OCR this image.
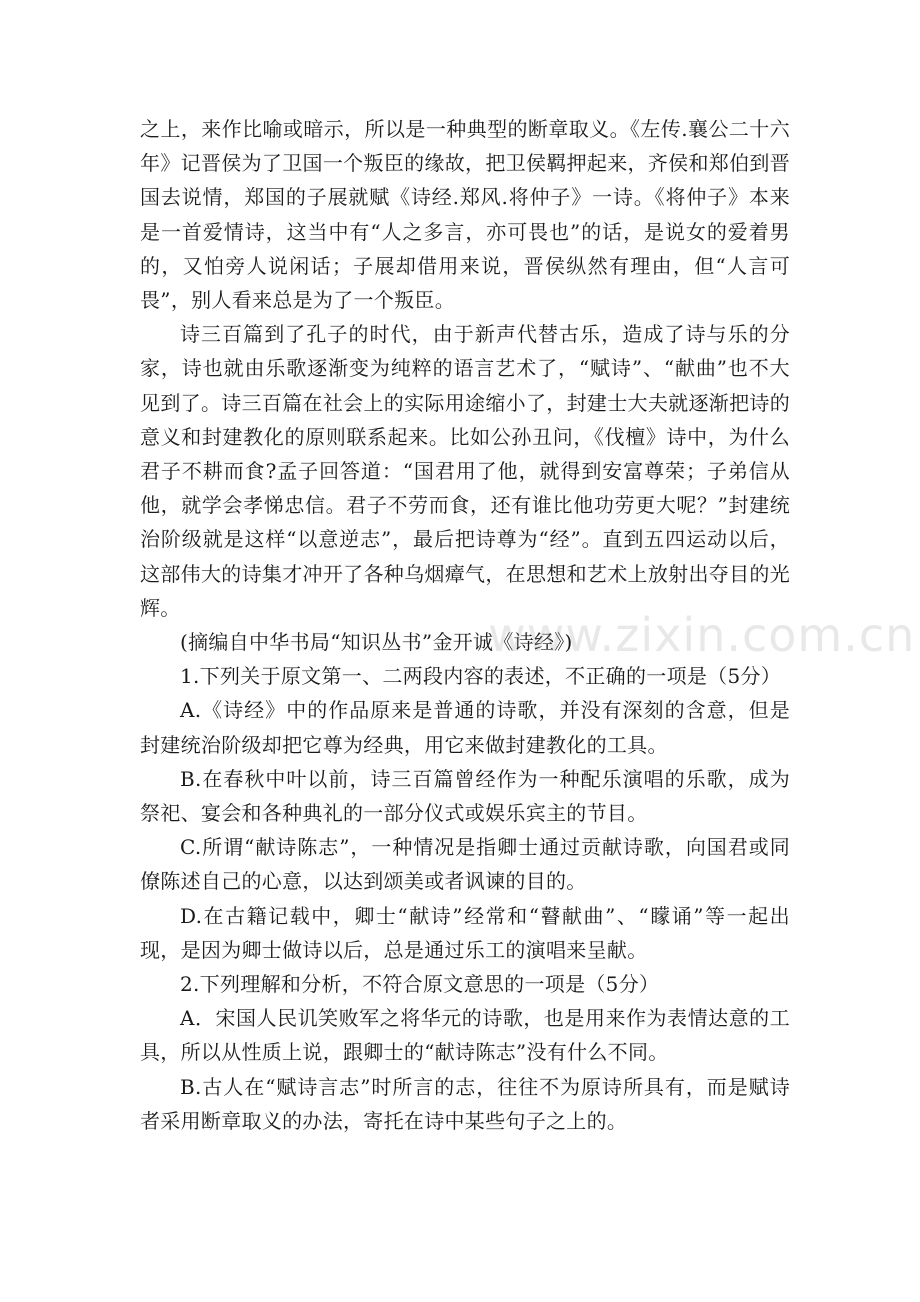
之上，来作比喻或暗示，所以是一种典型的断章取义。《左传.襄公二十六年》记晋侯为了卫国一个叛臣的缘故，把卫侯羁押起来，齐侯和郑伯到晋国去说情，郑国的子展就赋《诗经.郑风.将仲子》一诗。《将仲子》本来是一首爱情诗，这当中有“人之多言，亦可畏也”的话，是说女的爱着男的，又怕旁人说闲话；子展却借用来说，晋侯纵然有理由，但“人言可畏”，别人看来总是为了一个叛臣。

诗三百篇到了孔子的时代，由于新声代替古乐，造成了诗与乐的分家，诗也就由乐歌逐渐变为纯粹的语言艺术了，“赋诗”、“献曲”也不大见到了。诗三百篇在社会上的实际用途缩小了，封建士大夫就逐渐把诗的意义和封建教化的原则联系起来。比如公孙丑问，《伐檀》诗中，为什么君子不耕而食?孟子回答道：“国君用了他，就得到安富尊荣；子弟信从他，就学会孝悌忠信。君子不劳而食，还有谁比他功劳更大呢？”封建统治阶级就是这样“以意逆志”，最后把诗尊为“经”。直到五四运动以后，这部伟大的诗集才冲开了各种乌烟瘴气，在思想和艺术上放射出夺目的光辉。

(摘编自中华书局“知识丛书”金开诚《诗经》)

1.下列关于原文第一、二两段内容的表述，不正确的一项是（5分）

A.《诗经》中的作品原来是普通的诗歌，并没有深刻的含意，但是封建统治阶级却把它尊为经典，用它来做封建教化的工具。

B.在春秋中叶以前，诗三百篇曾经作为一种配乐演唱的乐歌，成为祭祀、宴会和各种典礼的一部分仪式或娱乐宾主的节目。

C.所谓“献诗陈志”，一种情况是指卿士通过贡献诗歌，向国君或同僚陈述自己的心意，以达到颂美或者讽谏的目的。

D.在古籍记载中，卿士“献诗”经常和“瞽献曲”、“矇诵”等一起出现，是因为卿士做诗以后，总是通过乐工的演唱来呈献。

2.下列理解和分析，不符合原文意思的一项是（5分）

A．宋国人民讥笑败军之将华元的诗歌，也是用来作为表情达意的工具，所以从性质上说，跟卿士的“献诗陈志”没有什么不同。

B.古人在“赋诗言志”时所言的志，往往不为原诗所具有，而是赋诗者采用断章取义的办法，寄托在诗中某些句子之上的。

www.zixin.com.cn
